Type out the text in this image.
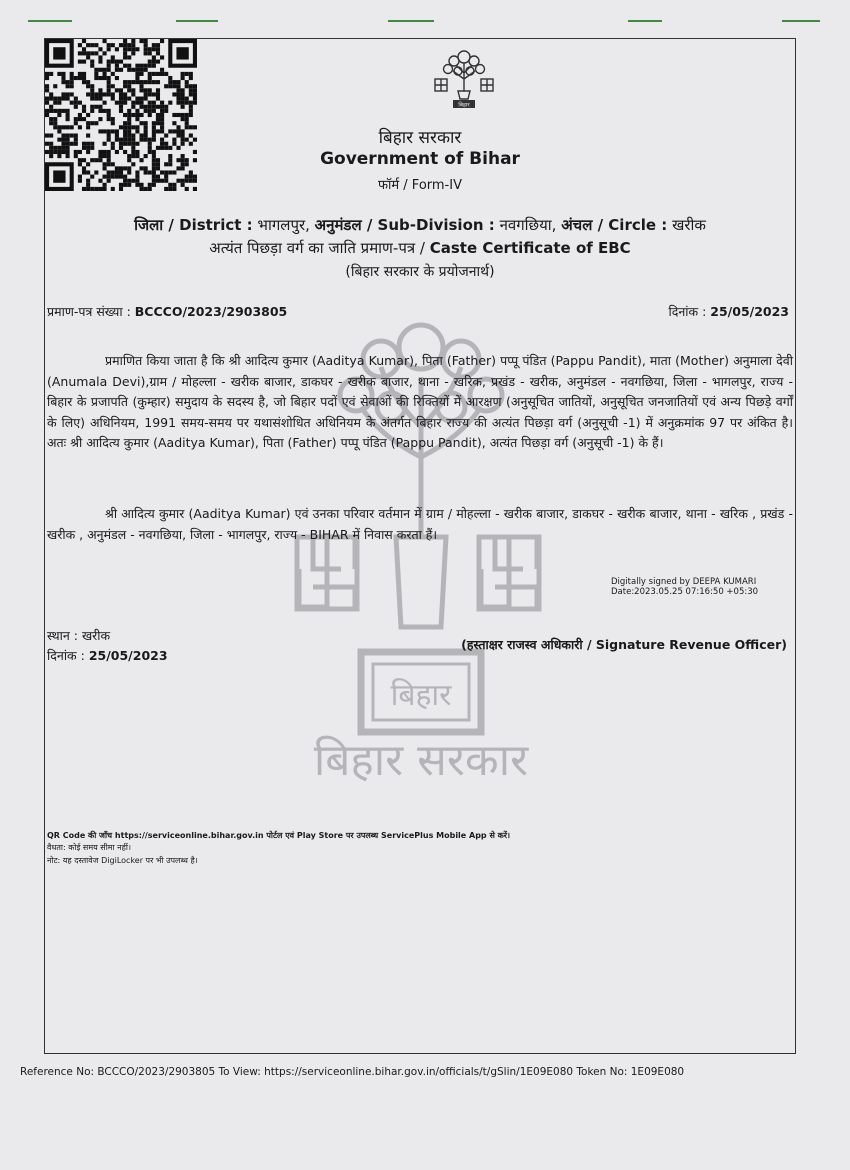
बिहार
बिहार सरकार
बिहार
बिहार सरकार
Government of Bihar
फॉर्म / Form-IV
जिला / District : भागलपुर, अनुमंडल / Sub-Division : नवगछिया, अंचल / Circle : खरीक
अत्यंत पिछड़ा वर्ग का जाति प्रमाण-पत्र / Caste Certificate of EBC
(बिहार सरकार के प्रयोजनार्थ)
प्रमाण-पत्र संख्या : BCCCO/2023/2903805	दिनांक : 25/05/2023
प्रमाणित किया जाता है कि श्री आदित्य कुमार (Aaditya Kumar), पिता (Father) पप्पू पंडित (Pappu Pandit), माता (Mother) अनुमाला देवी (Anumala Devi),ग्राम / मोहल्ला - खरीक बाजार, डाकघर - खरीक बाजार, थाना - खरिक, प्रखंड - खरीक, अनुमंडल - नवगछिया, जिला - भागलपुर, राज्य - बिहार के प्रजापति (कुम्हार) समुदाय के सदस्य है, जो बिहार पदों एवं सेवाओं की रिक्तियों में आरक्षण (अनुसूचित जातियों, अनुसूचित जनजातियों एवं अन्य पिछड़े वर्गों के लिए) अधिनियम, 1991 समय-समय पर यथासंशोधित अधिनियम के अंतर्गत बिहार राज्य की अत्यंत पिछड़ा वर्ग (अनुसूची -1) में अनुक्रमांक 97 पर अंकित है। अतः श्री आदित्य कुमार (Aaditya Kumar), पिता (Father) पप्पू पंडित (Pappu Pandit), अत्यंत पिछड़ा वर्ग (अनुसूची -1) के हैं।
श्री आदित्य कुमार (Aaditya Kumar) एवं उनका परिवार वर्तमान में ग्राम / मोहल्ला - खरीक बाजार, डाकघर - खरीक बाजार, थाना - खरिक , प्रखंड - खरीक , अनुमंडल - नवगछिया, जिला - भागलपुर, राज्य - BIHAR में निवास करता हैं।
Digitally signed by DEEPA KUMARI
Date:2023.05.25 07:16:50 +05:30
स्थान : खरीक
दिनांक : 25/05/2023
(हस्ताक्षर राजस्व अधिकारी / Signature Revenue Officer)
QR Code की जाँच https://serviceonline.bihar.gov.in पोर्टल एवं Play Store पर उपलब्ध ServicePlus Mobile App से करें।
वैधता: कोई समय सीमा नहीं।
नोट: यह दस्तावेज DigiLocker पर भी उपलब्ध है।
Reference No: BCCCO/2023/2903805 To View: https://serviceonline.bihar.gov.in/officials/t/gSlin/1E09E080 Token No: 1E09E080
